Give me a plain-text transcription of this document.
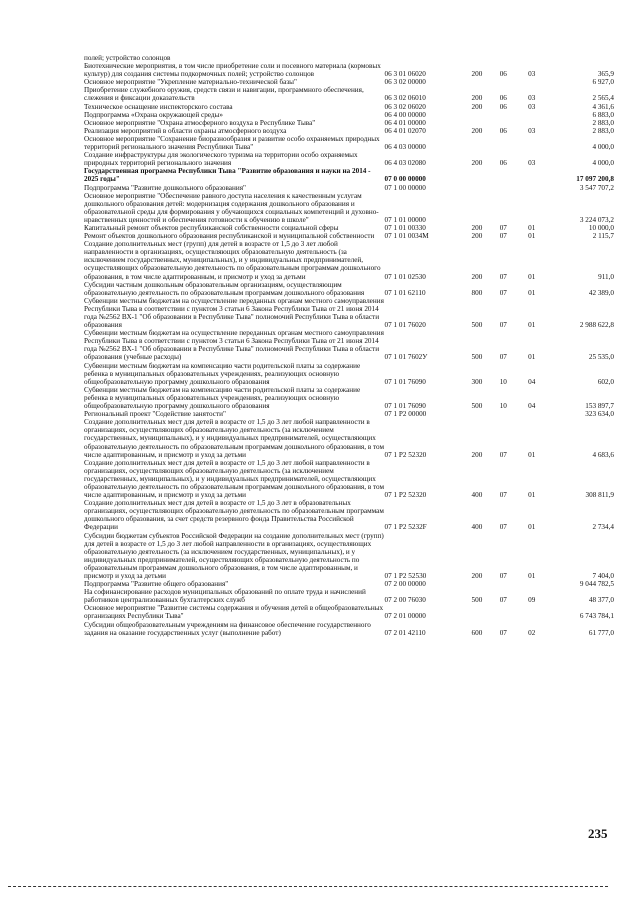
полей; устройство солонцов					
Биотехнические мероприятия, в том числе приобретение соли и посевного материала (кормовых культур) для создания системы подкормочных полей; устройство солонцов	06 3 01 06020	200	06	03	365,9
Основное мероприятие "Укрепление материально-технической базы"	06 3 02 00000				6 927,0
Приобретение служебного оружия, средств связи и навигации, программного обеспечения, слежения и фиксации доказательств	06 3 02 06010	200	06	03	2 565,4
Техническое оснащение инспекторского состава	06 3 02 06020	200	06	03	4 361,6
Подпрограмма «Охрана окружающей среды»	06 4 00 00000				6 883,0
Основное мероприятие "Охрана атмосферного воздуха в Республике Тыва"	06 4 01 00000				2 883,0
Реализация мероприятий в области охраны атмосферного воздуха	06 4 01 02070	200	06	03	2 883,0
Основное мероприятие "Сохранение биоразнообразия и развитие особо охраняемых природных территорий регионального значения Республики Тыва"	06 4 03 00000				4 000,0
Создание инфраструктуры для экологического туризма на территории особо охраняемых природных территорий регионального значения	06 4 03 02080	200	06	03	4 000,0
Государственная программа Республики Тыва "Развитие образования и науки на 2014 - 2025 годы"	07 0 00 00000				17 097 200,8
Подпрограмма "Развитие дошкольного образования"	07 1 00 00000				3 547 707,2
Основное мероприятие "Обеспечение равного доступа населения к качественным услугам дошкольного образования детей: модернизация содержания дошкольного образования и образовательной среды для формирования у обучающихся социальных компетенций и духовно-нравственных ценностей и обеспечения готовности к обучению в школе"	07 1 01 00000				3 224 073,2
Капитальный ремонт объектов республиканской собственности социальной сферы	07 1 01 00330	200	07	01	10 000,0
Ремонт объектов дошкольного образования республиканской и муниципальной собственности	07 1 01 0034М	200	07	01	2 115,7
Создание дополнительных мест (групп) для детей в возрасте от 1,5 до 3 лет любой направленности в организациях, осуществляющих образовательную деятельность (за исключением государственных, муниципальных), и у индивидуальных предпринимателей, осуществляющих образовательную деятельность по образовательным программам дошкольного образования, в том числе адаптированным, и присмотр и уход за детьми	07 1 01 02530	200	07	01	911,0
Субсидии частным дошкольным образовательным организациям, осуществляющим образовательную деятельность по образовательным программам дошкольного образования	07 1 01 62110	800	07	01	42 389,0
Субвенции местным бюджетам на осуществление переданных органам местного самоуправления Республики Тыва в соответствии с пунктом 3 статьи 6 Закона Республики Тыва от 21 июня 2014 года №2562 ВХ-1 "Об образовании в Республике Тыва" полномочий Республики Тыва в области образования	07 1 01 76020	500	07	01	2 988 622,8
Субвенции местным бюджетам на осуществление переданных органам местного самоуправления Республики Тыва в соответствии с пунктом 3 статьи 6 Закона Республики Тыва от 21 июня 2014 года №2562 ВХ-1 "Об образовании в Республике Тыва" полномочий Республики Тыва в области образования (учебные расходы)	07 1 01 7602У	500	07	01	25 535,0
Субвенции местным бюджетам на компенсацию части родительской платы за содержание ребенка в муниципальных образовательных учреждениях, реализующих основную общеобразовательную программу дошкольного образования	07 1 01 76090	300	10	04	602,0
Субвенции местным бюджетам на компенсацию части родительской платы за содержание ребенка в муниципальных образовательных учреждениях, реализующих основную общеобразовательную программу дошкольного образования	07 1 01 76090	500	10	04	153 897,7
Региональный проект "Содействие занятости"	07 1 P2 00000				323 634,0
Создание дополнительных мест для детей в возрасте от 1,5 до 3 лет любой направленности в организациях, осуществляющих образовательную деятельность (за исключением государственных, муниципальных), и у индивидуальных предпринимателей, осуществляющих образовательную деятельность по образовательным программам дошкольного образования, в том числе адаптированным, и присмотр и уход за детьми	07 1 P2 52320	200	07	01	4 683,6
Создание дополнительных мест для детей в возрасте от 1,5 до 3 лет любой направленности в организациях, осуществляющих образовательную деятельность (за исключением государственных, муниципальных), и у индивидуальных предпринимателей, осуществляющих образовательную деятельность по образовательным программам дошкольного образования, в том числе адаптированным, и присмотр и уход за детьми	07 1 P2 52320	400	07	01	308 811,9
Создание дополнительных мест для детей в возрасте от 1,5 до 3 лет в образовательных организациях, осуществляющих образовательную деятельность по образовательным программам дошкольного образования, за счет средств резервного фонда Правительства Российской Федерации	07 1 P2 5232F	400	07	01	2 734,4
Субсидии бюджетам субъектов Российской Федерации на создание дополнительных мест (групп) для детей в возрасте от 1,5 до 3 лет любой направленности в организациях, осуществляющих образовательную деятельность (за исключением государственных, муниципальных), и у индивидуальных предпринимателей, осуществляющих образовательную деятельность по образовательным программам дошкольного образования, в том числе адаптированным, и присмотр и уход за детьми	07 1 P2 52530	200	07	01	7 404,0
Подпрограмма "Развитие общего образования"	07 2 00 00000				9 044 782,5
На софинансирование расходов муниципальных образований по оплате труда и начислений работников централизованных бухгалтерских служб	07 2 00 76030	500	07	09	48 377,0
Основное мероприятие "Развитие системы содержания и обучения детей в общеобразовательных организациях Республики Тыва"	07 2 01 00000				6 743 784,1
Субсидии общеобразовательным учреждениям на финансовое обеспечение государственного задания на оказание государственных услуг (выполнение работ)	07 2 01 42110	600	07	02	61 777,0
235
